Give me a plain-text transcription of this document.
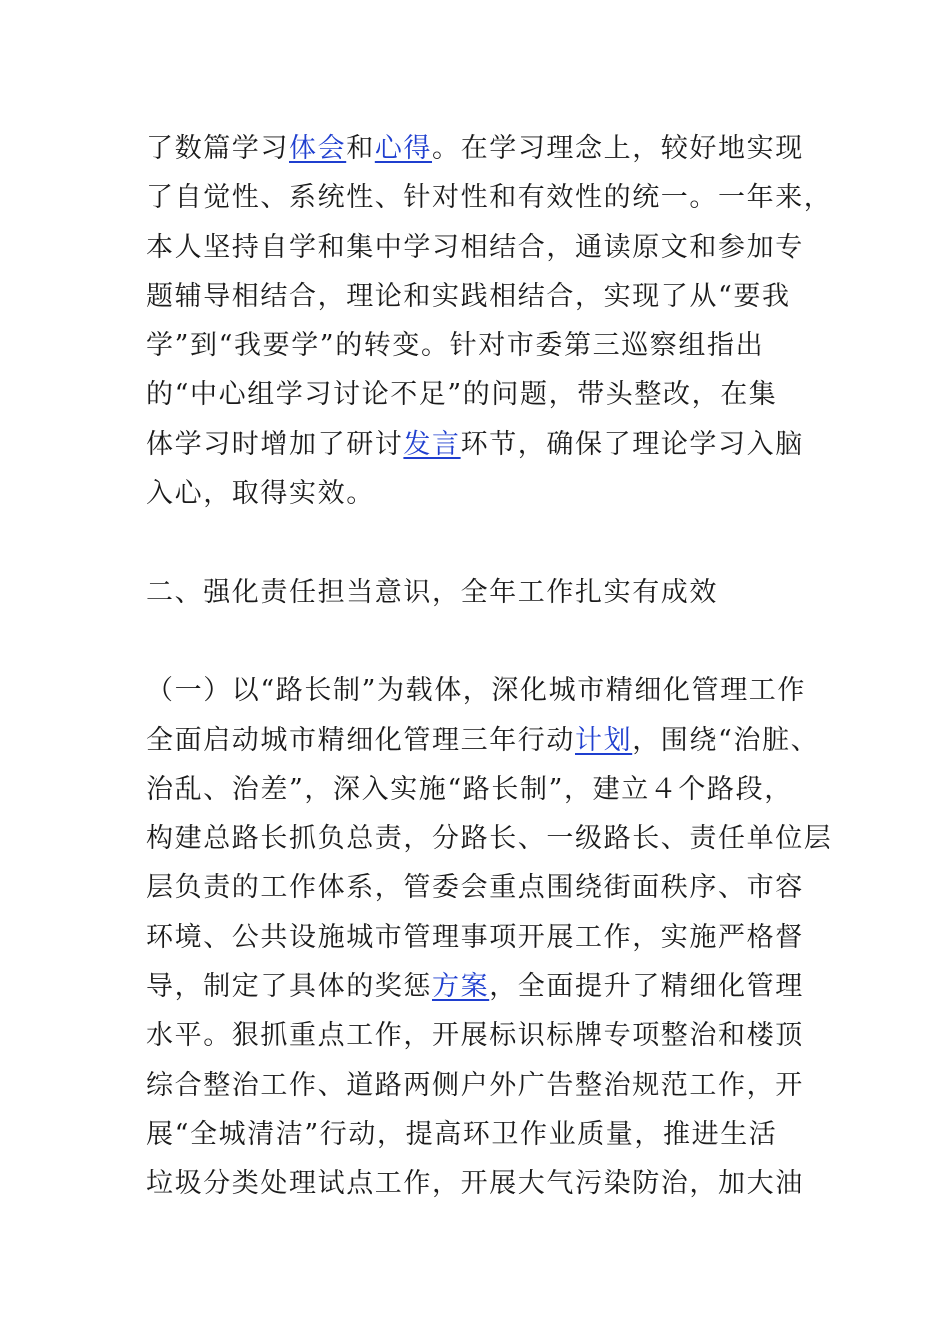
了数篇学习体会和心得。在学习理念上，较好地实现
了自觉性、系统性、针对性和有效性的统一。一年来，
本人坚持自学和集中学习相结合，通读原文和参加专
题辅导相结合，理论和实践相结合，实现了从“要我
学”到“我要学”的转变。针对市委第三巡察组指出
的“中心组学习讨论不足”的问题，带头整改，在集
体学习时增加了研讨发言环节，确保了理论学习入脑
入心，取得实效。
二、强化责任担当意识，全年工作扎实有成效
（一）以“路长制”为载体，深化城市精细化管理工作
全面启动城市精细化管理三年行动计划，围绕“治脏、
治乱、治差”，深入实施“路长制”，建立４个路段，
构建总路长抓负总责，分路长、一级路长、责任单位层
层负责的工作体系，管委会重点围绕街面秩序、市容
环境、公共设施城市管理事项开展工作，实施严格督
导，制定了具体的奖惩方案，全面提升了精细化管理
水平。狠抓重点工作，开展标识标牌专项整治和楼顶
综合整治工作、道路两侧户外广告整治规范工作，开
展“全城清洁”行动，提高环卫作业质量，推进生活
垃圾分类处理试点工作，开展大气污染防治，加大油
